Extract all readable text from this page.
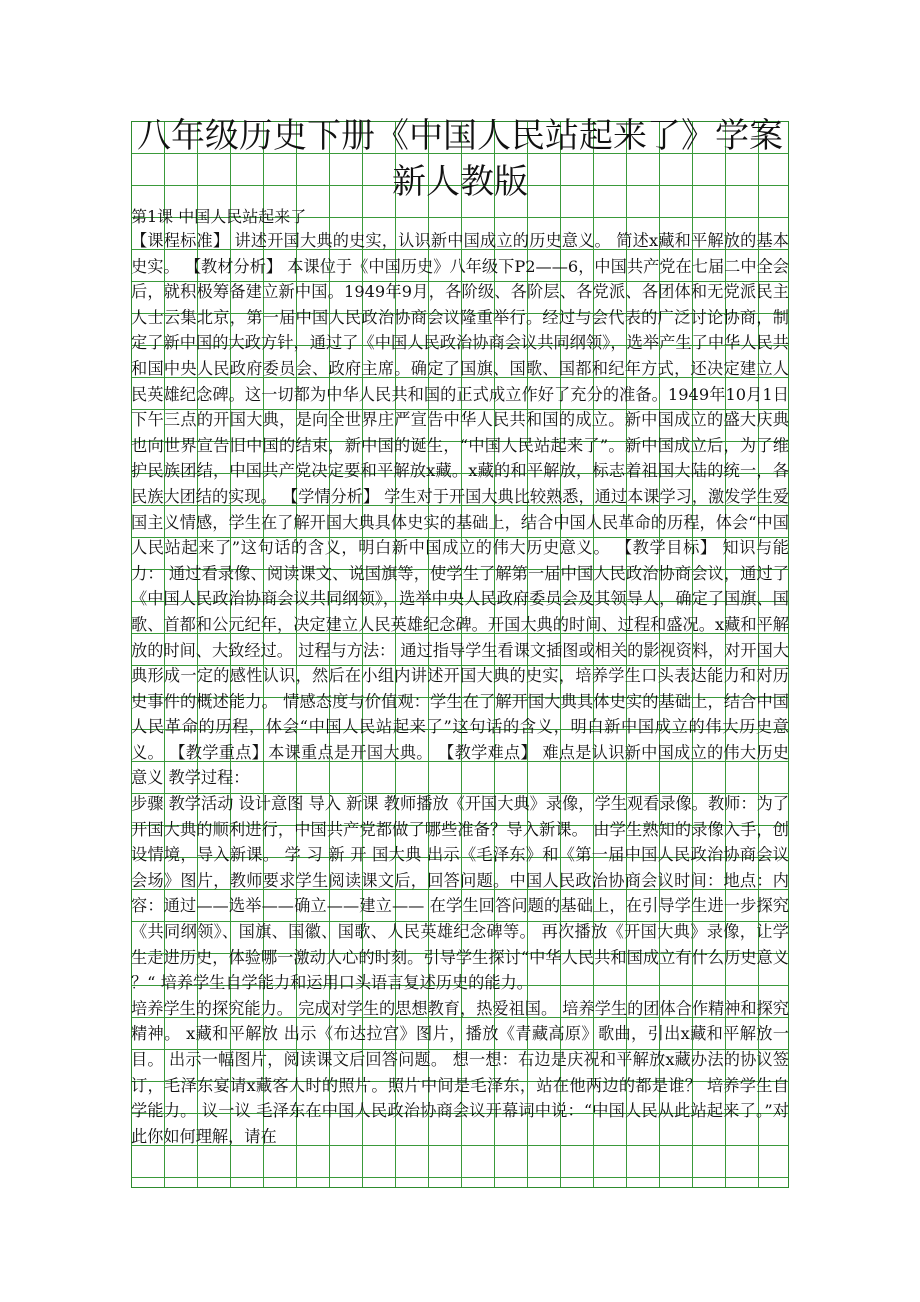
八年级历史下册《中国人民站起来了》学案
新人教版
第1课 中国人民站起来了

【课程标准】 讲述开国大典的史实，认识新中国成立的历史意义。 简述x藏和平解放的基本史实。 【教材分析】 本课位于《中国历史》八年级下P2——6，中国共产党在七届二中全会后，就积极筹备建立新中国。1949年9月，各阶级、各阶层、各党派、各团体和无党派民主人士云集北京，第一届中国人民政治协商会议隆重举行。经过与会代表的广泛讨论协商，制定了新中国的大政方针，通过了《中国人民政治协商会议共同纲领》，选举产生了中华人民共和国中央人民政府委员会、政府主席。确定了国旗、国歌、国都和纪年方式，还决定建立人民英雄纪念碑。这一切都为中华人民共和国的正式成立作好了充分的准备。1949年10月1日下午三点的开国大典，是向全世界庄严宣告中华人民共和国的成立。新中国成立的盛大庆典也向世界宣告旧中国的结束，新中国的诞生，“中国人民站起来了”。新中国成立后，为了维护民族团结，中国共产党决定要和平解放x藏。x藏的和平解放，标志着祖国大陆的统一，各民族大团结的实现。 【学情分析】 学生对于开国大典比较熟悉，通过本课学习，激发学生爱国主义情感，学生在了解开国大典具体史实的基础上，结合中国人民革命的历程，体会“中国人民站起来了”这句话的含义，明白新中国成立的伟大历史意义。 【教学目标】 知识与能力： 通过看录像、阅读课文、说国旗等，使学生了解第一届中国人民政治协商会议，通过了《中国人民政治协商会议共同纲领》，选举中央人民政府委员会及其领导人，确定了国旗、国歌、首都和公元纪年，决定建立人民英雄纪念碑。开国大典的时间、过程和盛况。x藏和平解放的时间、大致经过。 过程与方法： 通过指导学生看课文插图或相关的影视资料，对开国大典形成一定的感性认识，然后在小组内讲述开国大典的史实，培养学生口头表达能力和对历史事件的概述能力。 情感态度与价值观：学生在了解开国大典具体史实的基础上，结合中国人民革命的历程，体会“中国人民站起来了”这句话的含义，明白新中国成立的伟大历史意义。 【教学重点】本课重点是开国大典。 【教学难点】 难点是认识新中国成立的伟大历史意义 教学过程：

步骤 教学活动 设计意图 导入 新课 教师播放《开国大典》录像，学生观看录像。教师：为了开国大典的顺利进行，中国共产党都做了哪些准备？导入新课。 由学生熟知的录像入手，创设情境，导入新课。 学 习 新 开 国大典 出示《毛泽东》和《第一届中国人民政治协商会议会场》图片，教师要求学生阅读课文后，回答问题。中国人民政治协商会议时间：地点：内容：通过——选举——确立——建立—— 在学生回答问题的基础上，在引导学生进一步探究《共同纲领》、国旗、国徽、国歌、人民英雄纪念碑等。 再次播放《开国大典》录像，让学生走进历史，体验哪一激动人心的时刻。引导学生探讨“中华人民共和国成立有什么历史意义 ？“ 培养学生自学能力和运用口头语言复述历史的能力。

培养学生的探究能力。 完成对学生的思想教育，热爱祖国。 培养学生的团体合作精神和探究精神。 x藏和平解放 出示《布达拉宫》图片，播放《青藏高原》歌曲，引出x藏和平解放一目。 出示一幅图片，阅读课文后回答问题。 想一想：右边是庆祝和平解放x藏办法的协议签订，毛泽东宴请x藏客人时的照片。照片中间是毛泽东，站在他两边的都是谁？ 培养学生自学能力。 议一议 毛泽东在中国人民政治协商会议开幕词中说：“中国人民从此站起来了。”对此你如何理解，请在
